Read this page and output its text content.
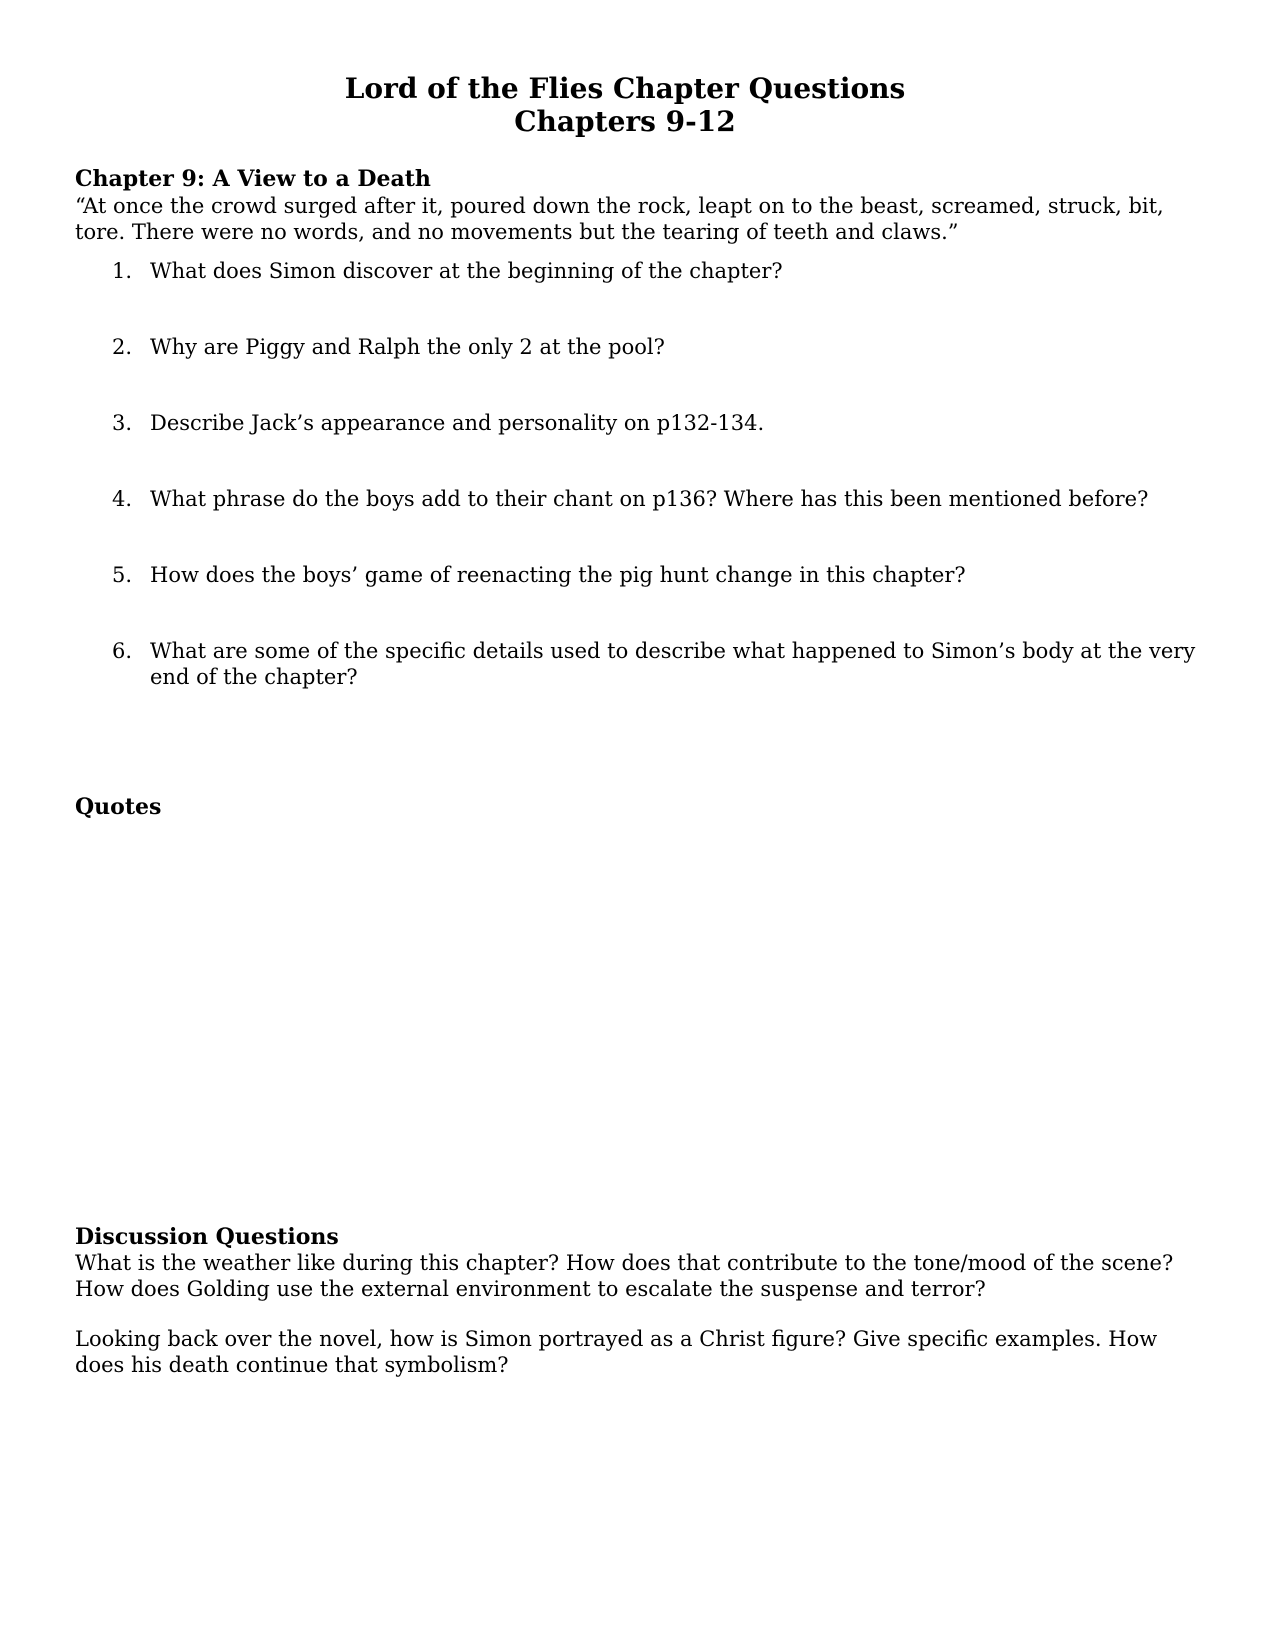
Lord of the Flies Chapter Questions
Chapters 9-12
Chapter 9: A View to a Death
“At once the crowd surged after it, poured down the rock, leapt on to the beast, screamed, struck, bit, tore. There were no words, and no movements but the tearing of teeth and claws.”
1. What does Simon discover at the beginning of the chapter?
2. Why are Piggy and Ralph the only 2 at the pool?
3. Describe Jack’s appearance and personality on p132-134.
4. What phrase do the boys add to their chant on p136? Where has this been mentioned before?
5. How does the boys’ game of reenacting the pig hunt change in this chapter?
6. What are some of the specific details used to describe what happened to Simon’s body at the very end of the chapter?
Quotes
Discussion Questions
What is the weather like during this chapter? How does that contribute to the tone/mood of the scene? How does Golding use the external environment to escalate the suspense and terror?
Looking back over the novel, how is Simon portrayed as a Christ figure? Give specific examples. How does his death continue that symbolism?
